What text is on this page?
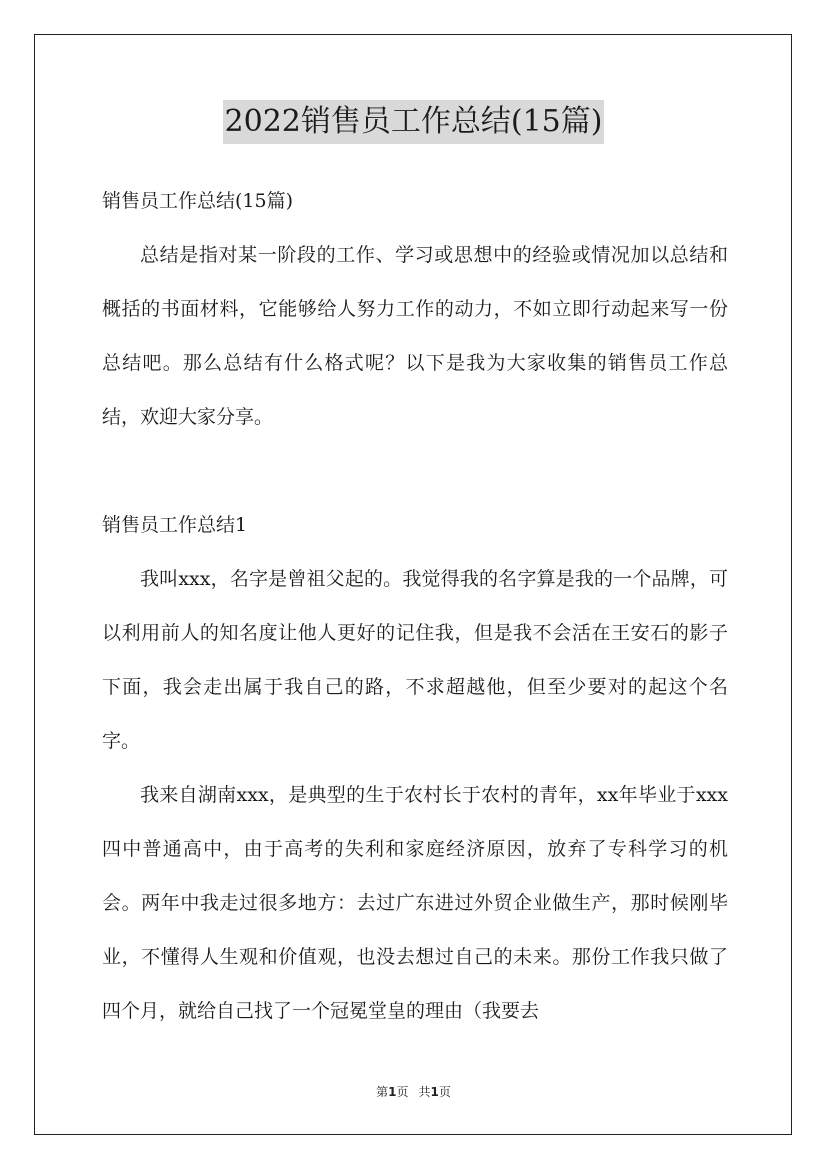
2022销售员工作总结(15篇)

销售员工作总结(15篇)

总结是指对某一阶段的工作、学习或思想中的经验或情况加以总结和概括的书面材料，它能够给人努力工作的动力，不如立即行动起来写一份总结吧。那么总结有什么格式呢？以下是我为大家收集的销售员工作总结，欢迎大家分享。

销售员工作总结1

我叫xxx，名字是曾祖父起的。我觉得我的名字算是我的一个品牌，可以利用前人的知名度让他人更好的记住我，但是我不会活在王安石的影子下面，我会走出属于我自己的路，不求超越他，但至少要对的起这个名字。

我来自湖南xxx，是典型的生于农村长于农村的青年，xx年毕业于xxx四中普通高中，由于高考的失利和家庭经济原因，放弃了专科学习的机会。两年中我走过很多地方：去过广东进过外贸企业做生产，那时候刚毕业，不懂得人生观和价值观，也没去想过自己的未来。那份工作我只做了四个月，就给自己找了一个冠冕堂皇的理由（我要去

第1页 共1页
